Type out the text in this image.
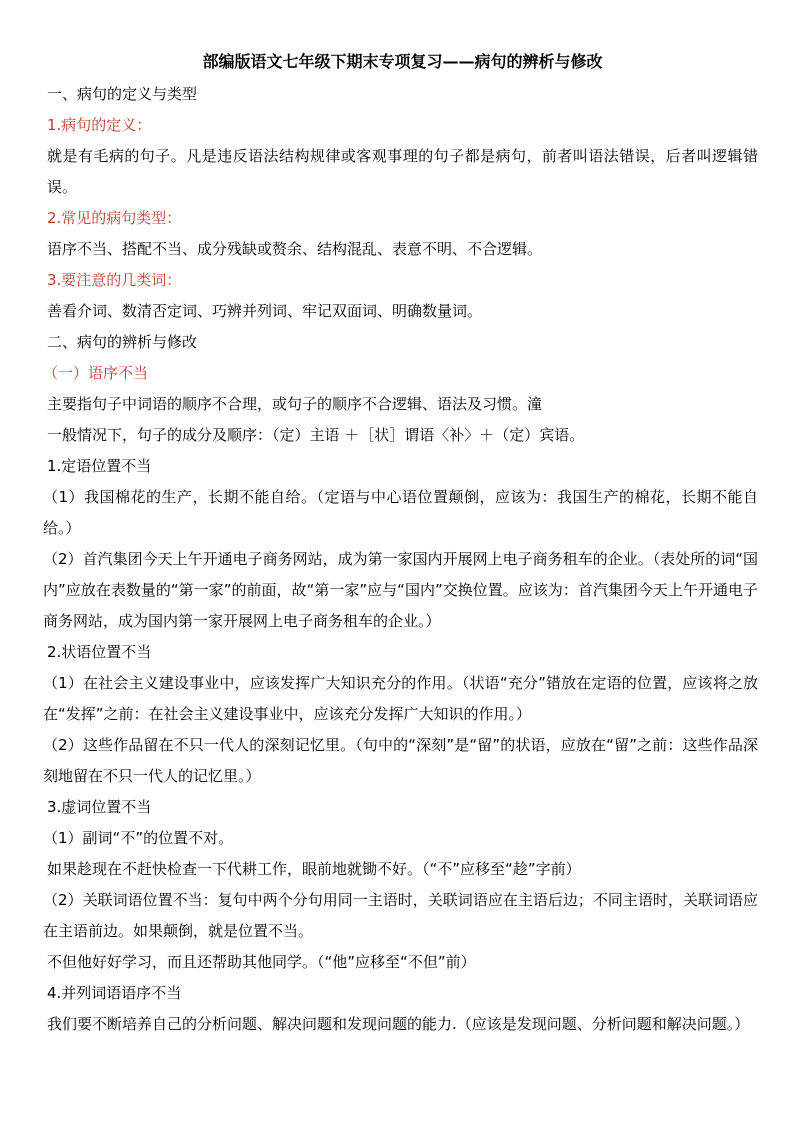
部编版语文七年级下期末专项复习——病句的辨析与修改

一、病句的定义与类型

1.病句的定义：

就是有毛病的句子。凡是违反语法结构规律或客观事理的句子都是病句，前者叫语法错误，后者叫逻辑错误。

2.常见的病句类型：

语序不当、搭配不当、成分残缺或赘余、结构混乱、表意不明、不合逻辑。

3.要注意的几类词：

善看介词、数清否定词、巧辨并列词、牢记双面词、明确数量词。

二、病句的辨析与修改

（一）语序不当

主要指句子中词语的顺序不合理，或句子的顺序不合逻辑、语法及习惯。潼

一般情况下，句子的成分及顺序：（定）主语 ＋［状］谓语〈补〉＋（定）宾语。

1.定语位置不当

（1）我国棉花的生产，长期不能自给。（定语与中心语位置颠倒，应该为：我国生产的棉花，长期不能自给。）

（2）首汽集团今天上午开通电子商务网站，成为第一家国内开展网上电子商务租车的企业。（表处所的词“国内”应放在表数量的“第一家”的前面，故“第一家”应与“国内”交换位置。应该为：首汽集团今天上午开通电子商务网站，成为国内第一家开展网上电子商务租车的企业。）

2.状语位置不当

（1）在社会主义建设事业中，应该发挥广大知识充分的作用。（状语“充分”错放在定语的位置，应该将之放在“发挥”之前：在社会主义建设事业中，应该充分发挥广大知识的作用。）

（2）这些作品留在不只一代人的深刻记忆里。（句中的“深刻”是“留”的状语，应放在“留”之前：这些作品深刻地留在不只一代人的记忆里。）

3.虚词位置不当

（1）副词“不”的位置不对。

如果趁现在不赶快检查一下代耕工作，眼前地就锄不好。（“不”应移至“趁”字前）

（2）关联词语位置不当：复句中两个分句用同一主语时，关联词语应在主语后边；不同主语时，关联词语应在主语前边。如果颠倒，就是位置不当。

不但他好好学习，而且还帮助其他同学。（“他”应移至“不但”前）

4.并列词语语序不当

我们要不断培养自己的分析问题、解决问题和发现问题的能力.（应该是发现问题、分析问题和解决问题。）
